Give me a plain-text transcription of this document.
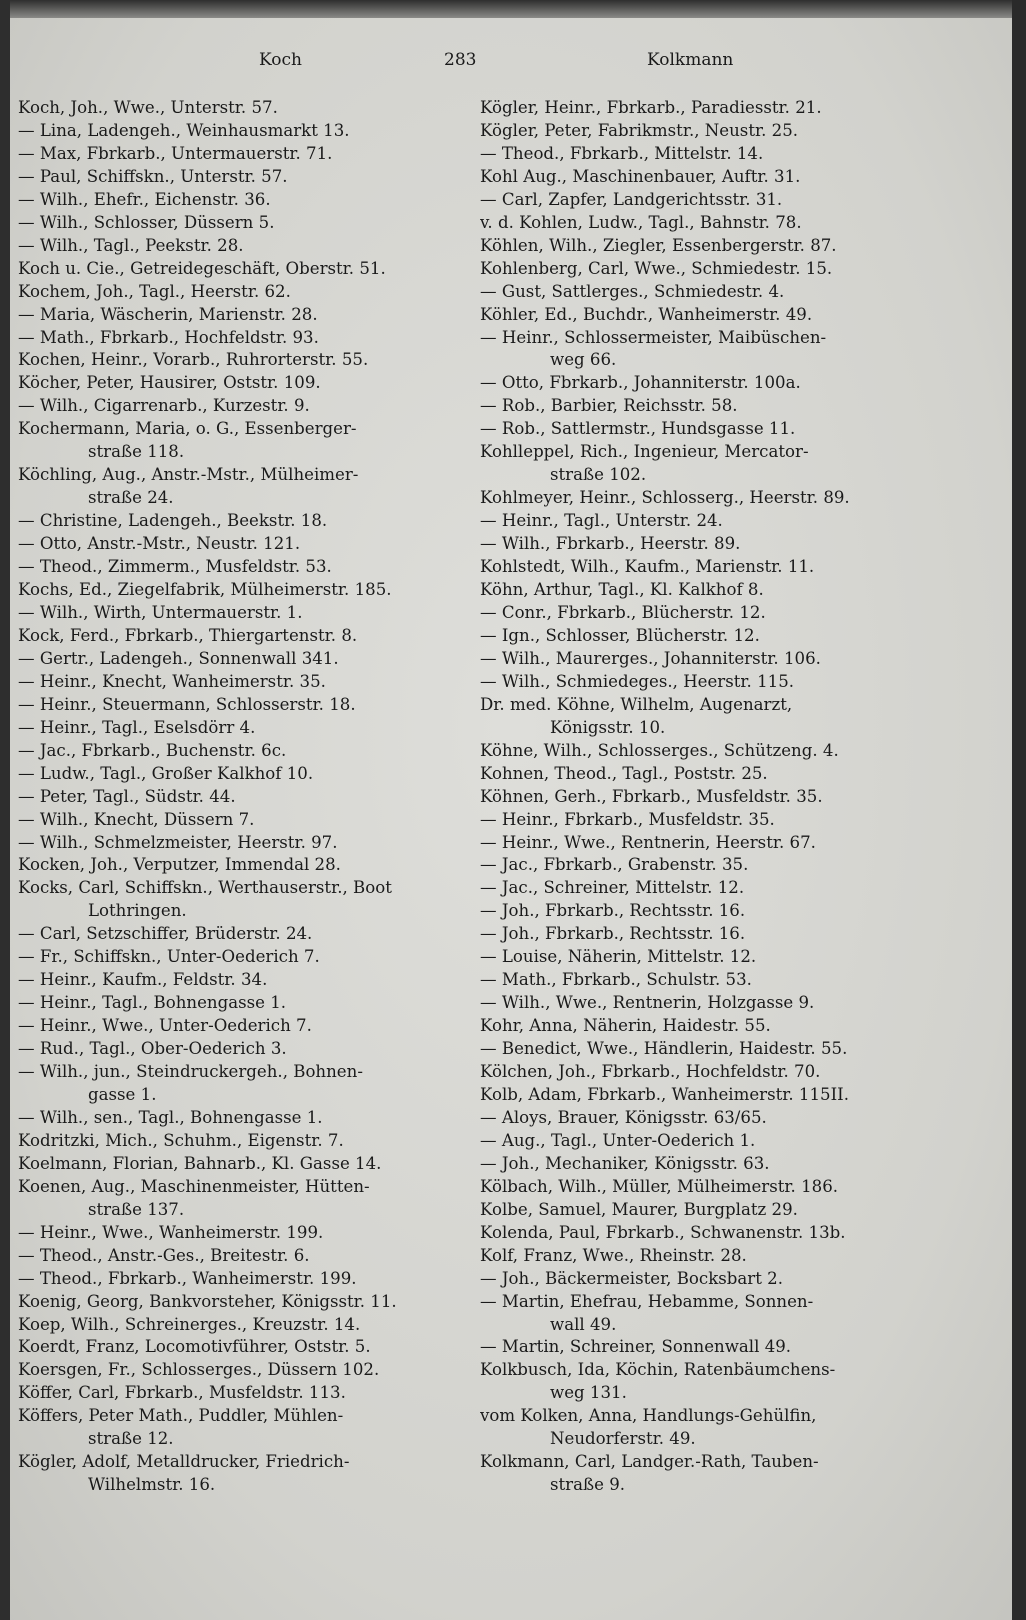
Koch	283	Kolkmann
Koch, Joh., Wwe., Unterstr. 57.
— Lina, Ladengeh., Weinhausmarkt 13.
— Max, Fbrkarb., Untermauerstr. 71.
— Paul, Schiffskn., Unterstr. 57.
— Wilh., Ehefr., Eichenstr. 36.
— Wilh., Schlosser, Düssern 5.
— Wilh., Tagl., Peekstr. 28.
Koch u. Cie., Getreidegeschäft, Oberstr. 51.
Kochem, Joh., Tagl., Heerstr. 62.
— Maria, Wäscherin, Marienstr. 28.
— Math., Fbrkarb., Hochfeldstr. 93.
Kochen, Heinr., Vorarb., Ruhrorterstr. 55.
Köcher, Peter, Hausirer, Oststr. 109.
— Wilh., Cigarrenarb., Kurzestr. 9.
Kochermann, Maria, o. G., Essenberger-
straße 118.
Köchling, Aug., Anstr.-Mstr., Mülheimer-
straße 24.
— Christine, Ladengeh., Beekstr. 18.
— Otto, Anstr.-Mstr., Neustr. 121.
— Theod., Zimmerm., Musfeldstr. 53.
Kochs, Ed., Ziegelfabrik, Mülheimerstr. 185.
— Wilh., Wirth, Untermauerstr. 1.
Kock, Ferd., Fbrkarb., Thiergartenstr. 8.
— Gertr., Ladengeh., Sonnenwall 341.
— Heinr., Knecht, Wanheimerstr. 35.
— Heinr., Steuermann, Schlosserstr. 18.
— Heinr., Tagl., Eselsdörr 4.
— Jac., Fbrkarb., Buchenstr. 6c.
— Ludw., Tagl., Großer Kalkhof 10.
— Peter, Tagl., Südstr. 44.
— Wilh., Knecht, Düssern 7.
— Wilh., Schmelzmeister, Heerstr. 97.
Kocken, Joh., Verputzer, Immendal 28.
Kocks, Carl, Schiffskn., Werthauserstr., Boot
Lothringen.
— Carl, Setzschiffer, Brüderstr. 24.
— Fr., Schiffskn., Unter-Oederich 7.
— Heinr., Kaufm., Feldstr. 34.
— Heinr., Tagl., Bohnengasse 1.
— Heinr., Wwe., Unter-Oederich 7.
— Rud., Tagl., Ober-Oederich 3.
— Wilh., jun., Steindruckergeh., Bohnen-
gasse 1.
— Wilh., sen., Tagl., Bohnengasse 1.
Kodritzki, Mich., Schuhm., Eigenstr. 7.
Koelmann, Florian, Bahnarb., Kl. Gasse 14.
Koenen, Aug., Maschinenmeister, Hütten-
straße 137.
— Heinr., Wwe., Wanheimerstr. 199.
— Theod., Anstr.-Ges., Breitestr. 6.
— Theod., Fbrkarb., Wanheimerstr. 199.
Koenig, Georg, Bankvorsteher, Königsstr. 11.
Koep, Wilh., Schreinerges., Kreuzstr. 14.
Koerdt, Franz, Locomotivführer, Oststr. 5.
Koersgen, Fr., Schlosserges., Düssern 102.
Köffer, Carl, Fbrkarb., Musfeldstr. 113.
Köffers, Peter Math., Puddler, Mühlen-
straße 12.
Kögler, Adolf, Metalldrucker, Friedrich-
Wilhelmstr. 16.
Kögler, Heinr., Fbrkarb., Paradiesstr. 21.
Kögler, Peter, Fabrikmstr., Neustr. 25.
— Theod., Fbrkarb., Mittelstr. 14.
Kohl Aug., Maschinenbauer, Auftr. 31.
— Carl, Zapfer, Landgerichtsstr. 31.
v. d. Kohlen, Ludw., Tagl., Bahnstr. 78.
Köhlen, Wilh., Ziegler, Essenbergerstr. 87.
Kohlenberg, Carl, Wwe., Schmiedestr. 15.
— Gust, Sattlerges., Schmiedestr. 4.
Köhler, Ed., Buchdr., Wanheimerstr. 49.
— Heinr., Schlossermeister, Maibüschen-
weg 66.
— Otto, Fbrkarb., Johanniterstr. 100a.
— Rob., Barbier, Reichsstr. 58.
— Rob., Sattlermstr., Hundsgasse 11.
Kohlleppel, Rich., Ingenieur, Mercator-
straße 102.
Kohlmeyer, Heinr., Schlosserg., Heerstr. 89.
— Heinr., Tagl., Unterstr. 24.
— Wilh., Fbrkarb., Heerstr. 89.
Kohlstedt, Wilh., Kaufm., Marienstr. 11.
Köhn, Arthur, Tagl., Kl. Kalkhof 8.
— Conr., Fbrkarb., Blücherstr. 12.
— Ign., Schlosser, Blücherstr. 12.
— Wilh., Maurerges., Johanniterstr. 106.
— Wilh., Schmiedeges., Heerstr. 115.
Dr. med. Köhne, Wilhelm, Augenarzt,
Königsstr. 10.
Köhne, Wilh., Schlosserges., Schützeng. 4.
Kohnen, Theod., Tagl., Poststr. 25.
Köhnen, Gerh., Fbrkarb., Musfeldstr. 35.
— Heinr., Fbrkarb., Musfeldstr. 35.
— Heinr., Wwe., Rentnerin, Heerstr. 67.
— Jac., Fbrkarb., Grabenstr. 35.
— Jac., Schreiner, Mittelstr. 12.
— Joh., Fbrkarb., Rechtsstr. 16.
— Joh., Fbrkarb., Rechtsstr. 16.
— Louise, Näherin, Mittelstr. 12.
— Math., Fbrkarb., Schulstr. 53.
— Wilh., Wwe., Rentnerin, Holzgasse 9.
Kohr, Anna, Näherin, Haidestr. 55.
— Benedict, Wwe., Händlerin, Haidestr. 55.
Kölchen, Joh., Fbrkarb., Hochfeldstr. 70.
Kolb, Adam, Fbrkarb., Wanheimerstr. 115II.
— Aloys, Brauer, Königsstr. 63/65.
— Aug., Tagl., Unter-Oederich 1.
— Joh., Mechaniker, Königsstr. 63.
Kölbach, Wilh., Müller, Mülheimerstr. 186.
Kolbe, Samuel, Maurer, Burgplatz 29.
Kolenda, Paul, Fbrkarb., Schwanenstr. 13b.
Kolf, Franz, Wwe., Rheinstr. 28.
— Joh., Bäckermeister, Bocksbart 2.
— Martin, Ehefrau, Hebamme, Sonnen-
wall 49.
— Martin, Schreiner, Sonnenwall 49.
Kolkbusch, Ida, Köchin, Ratenbäumchens-
weg 131.
vom Kolken, Anna, Handlungs-Gehülfin,
Neudorferstr. 49.
Kolkmann, Carl, Landger.-Rath, Tauben-
straße 9.
